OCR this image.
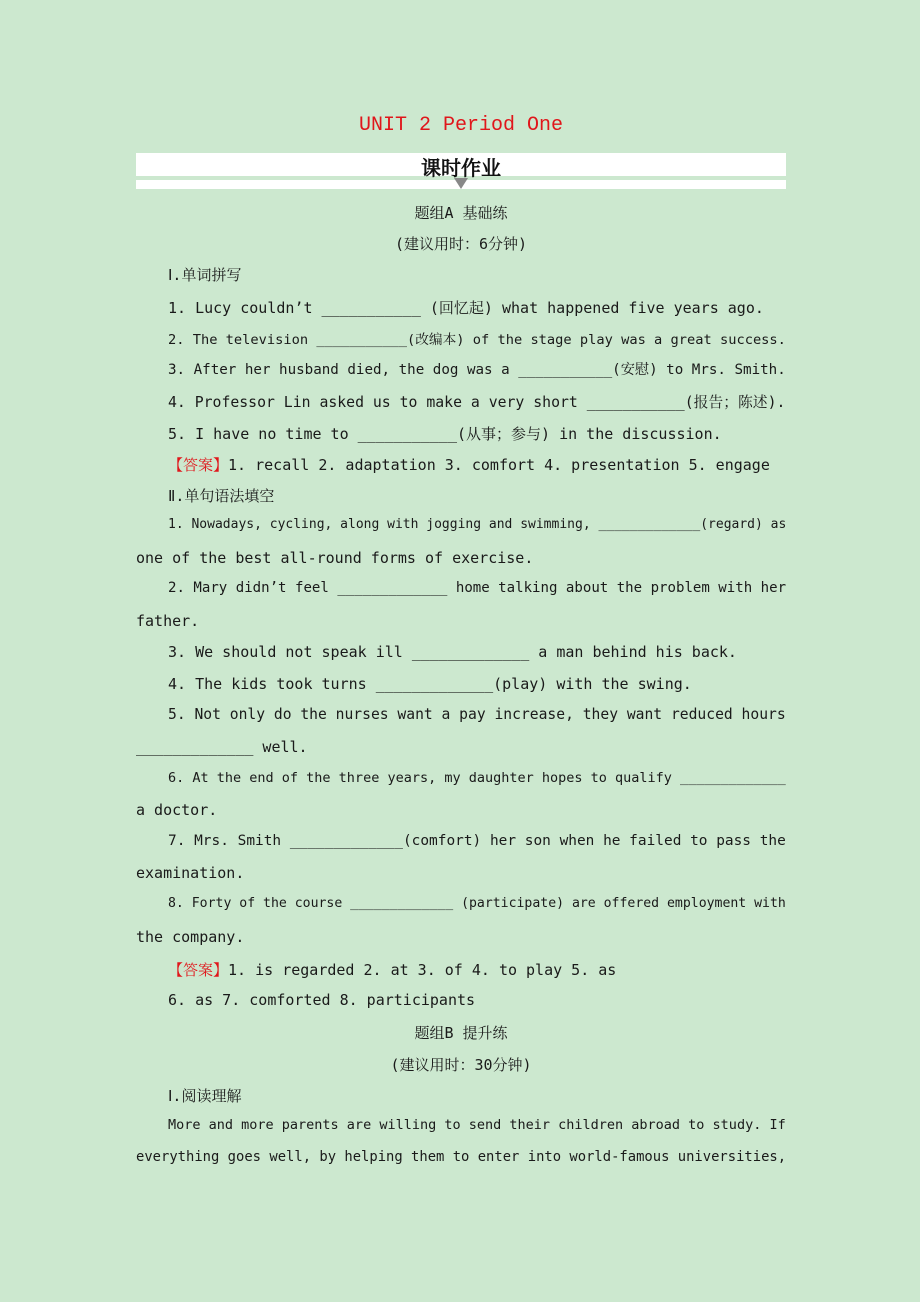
UNIT 2 Period One
课时作业
题组A 基础练
(建议用时：6分钟)
Ⅰ.单词拼写
1. Lucy couldn’t ___________ (回忆起) what happened five years ago.
2. The television ___________(改编本) of the stage play was a great success.
3. After her husband died, the dog was a ___________(安慰) to Mrs. Smith.
4. Professor Lin asked us to make a very short ___________(报告；陈述).
5. I have no time to ___________(从事；参与) in the discussion.
【答案】1. recall 2. adaptation 3. comfort 4. presentation 5. engage
Ⅱ.单句语法填空
1. Nowadays, cycling, along with jogging and swimming, _____________(regard) as
one of the best all-round forms of exercise.
2. Mary didn’t feel _____________ home talking about the problem with her
father.
3. We should not speak ill _____________ a man behind his back.
4. The kids took turns _____________(play) with the swing.
5. Not only do the nurses want a pay increase, they want reduced hours
_____________ well.
6. At the end of the three years, my daughter hopes to qualify _____________
a doctor.
7. Mrs. Smith _____________(comfort) her son when he failed to pass the
examination.
8. Forty of the course _____________ (participate) are offered employment with
the company.
【答案】1. is regarded 2. at 3. of 4. to play 5. as
6. as 7. comforted 8. participants
题组B 提升练
(建议用时：30分钟)
Ⅰ.阅读理解
More and more parents are willing to send their children abroad to study. If
everything goes well, by helping them to enter into world-famous universities,
